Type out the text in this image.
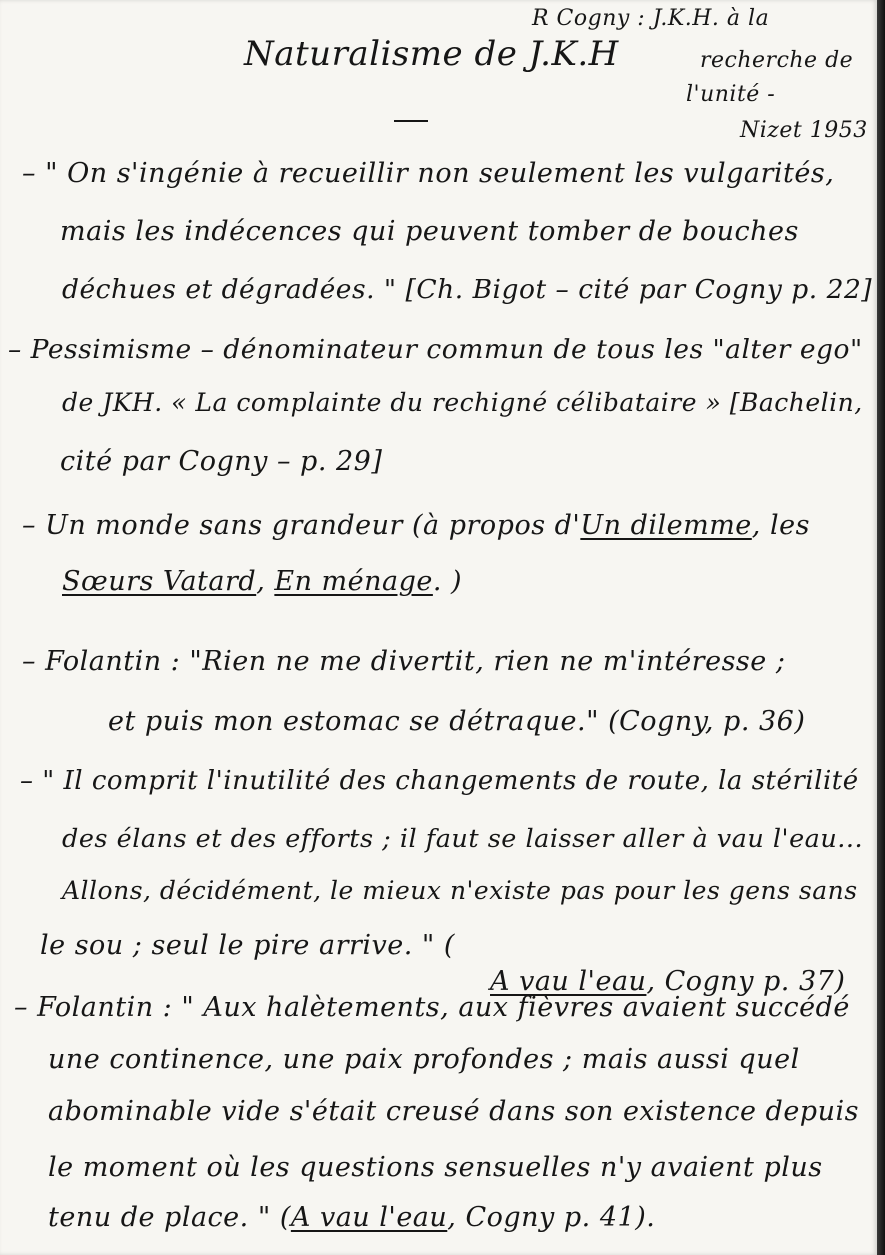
R Cogny : J.K.H. à la
recherche de
l'unité -
Nizet 1953
Naturalisme de J.K.H
– " On s'ingénie à recueillir non seulement les vulgarités,
mais les indécences qui peuvent tomber de bouches
déchues et dégradées. " [Ch. Bigot – cité par Cogny p. 22]
– Pessimisme – dénominateur commun de tous les "alter ego"
de JKH. « La complainte du rechigné célibataire » [Bachelin,
cité par Cogny – p. 29]
– Un monde sans grandeur (à propos d'Un dilemme, les
Sœurs Vatard, En ménage. )
– Folantin : "Rien ne me divertit, rien ne m'intéresse ;
et puis mon estomac se détraque." (Cogny, p. 36)
– " Il comprit l'inutilité des changements de route, la stérilité
des élans et des efforts ; il faut se laisser aller à vau l'eau...
Allons, décidément, le mieux n'existe pas pour les gens sans
le sou ; seul le pire arrive. " (
A vau l'eau, Cogny p. 37)
– Folantin : " Aux halètements, aux fièvres avaient succédé
une continence, une paix profondes ; mais aussi quel
abominable vide s'était creusé dans son existence depuis
le moment où les questions sensuelles n'y avaient plus
tenu de place. " (A vau l'eau, Cogny p. 41).
